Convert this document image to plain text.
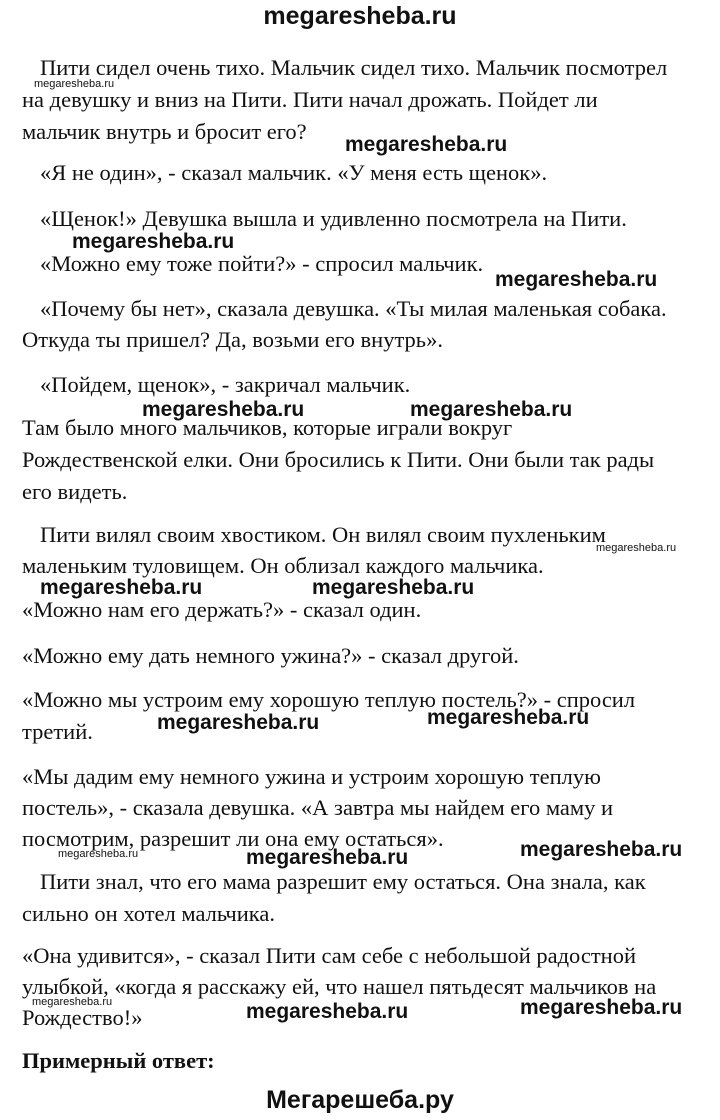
megaresheba.ru

Пити сидел очень тихо. Мальчик сидел тихо. Мальчик посмотрел

на девушку и вниз на Пити. Пити начал дрожать. Пойдет ли

мальчик внутрь и бросит его?

«Я не один», - сказал мальчик. «У меня есть щенок».

«Щенок!» Девушка вышла и удивленно посмотрела на Пити.

«Можно ему тоже пойти?» - спросил мальчик.

«Почему бы нет», сказала девушка. «Ты милая маленькая собака.

Откуда ты пришел? Да, возьми его внутрь».

«Пойдем, щенок», - закричал мальчик.

Там было много мальчиков, которые играли вокруг

Рождественской елки. Они бросились к Пити. Они были так рады

его видеть.

Пити вилял своим хвостиком. Он вилял своим пухленьким

маленьким туловищем. Он облизал каждого мальчика.

«Можно нам его держать?» - сказал один.

«Можно ему дать немного ужина?» - сказал другой.

«Можно мы устроим ему хорошую теплую постель?» - спросил

третий.

«Мы дадим ему немного ужина и устроим хорошую теплую

постель», - сказала девушка. «А завтра мы найдем его маму и

посмотрим, разрешит ли она ему остаться».

Пити знал, что его мама разрешит ему остаться. Она знала, как

сильно он хотел мальчика.

«Она удивится», - сказал Пити сам себе с небольшой радостной

улыбкой, «когда я расскажу ей, что нашел пятьдесят мальчиков на

Рождество!»

Примерный ответ:

megaresheba.ru

megaresheba.ru

megaresheba.ru

megaresheba.ru

megaresheba.ru	megaresheba.ru

megaresheba.ru

megaresheba.ru	megaresheba.ru

megaresheba.ru	megaresheba.ru

megaresheba.ru	megaresheba.ru

megaresheba.ru

megaresheba.ru	megaresheba.ru	megaresheba.ru

Мегарешеба.ру
